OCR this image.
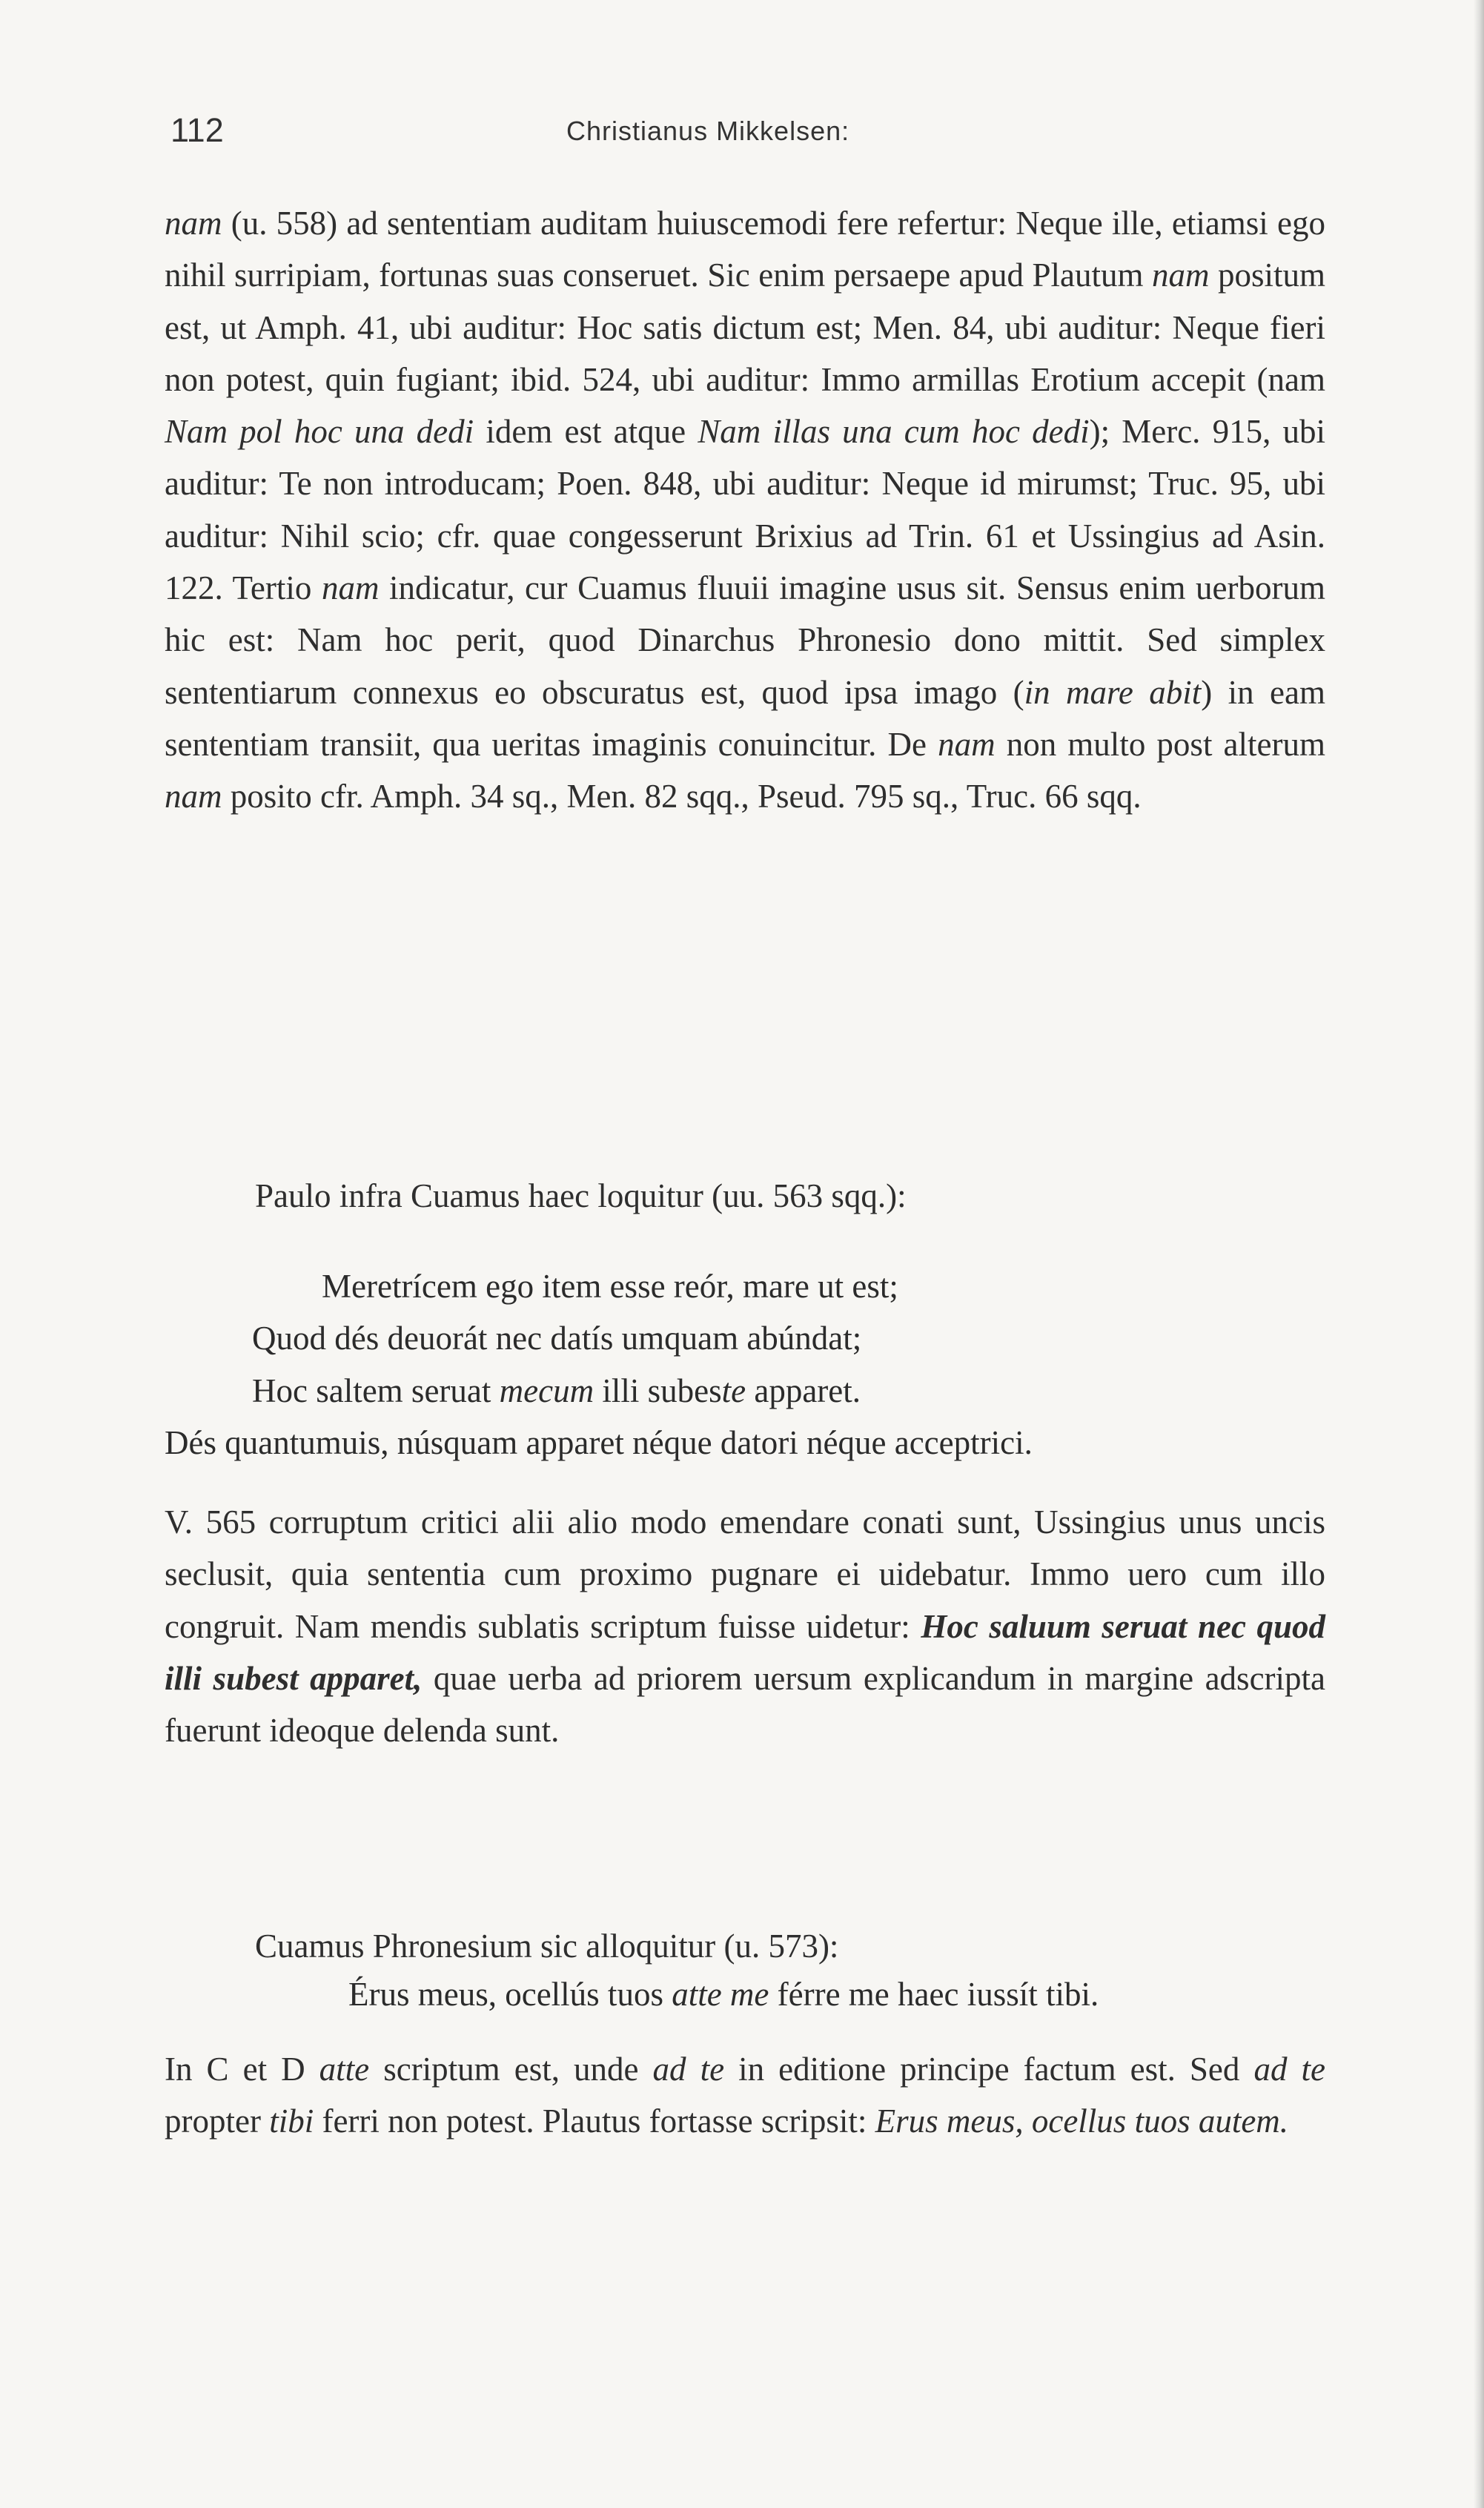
112	Christianus Mikkelsen:

nam (u. 558) ad sententiam auditam huiuscemodi fere refertur: Neque ille, etiamsi ego nihil surripiam, fortunas suas conseruet. Sic enim persaepe apud Plautum nam positum est, ut Amph. 41, ubi auditur: Hoc satis dictum est; Men. 84, ubi auditur: Neque fieri non potest, quin fugiant; ibid. 524, ubi auditur: Immo armillas Erotium accepit (nam Nam pol hoc una dedi idem est atque Nam illas una cum hoc dedi); Merc. 915, ubi auditur: Te non introducam; Poen. 848, ubi auditur: Neque id mirumst; Truc. 95, ubi auditur: Nihil scio; cfr. quae congesserunt Brixius ad Trin. 61 et Ussingius ad Asin. 122. Tertio nam indicatur, cur Cuamus fluuii imagine usus sit. Sensus enim uerborum hic est: Nam hoc perit, quod Dinarchus Phronesio dono mittit. Sed simplex sententiarum connexus eo obscuratus est, quod ipsa imago (in mare abit) in eam sententiam transiit, qua ueritas imaginis conuincitur. De nam non multo post alterum nam posito cfr. Amph. 34 sq., Men. 82 sqq., Pseud. 795 sq., Truc. 66 sqq.

Paulo infra Cuamus haec loquitur (uu. 563 sqq.):

Meretrícem ego item esse reór, mare ut est;
Quod dés deuorát nec datís umquam abúndat;
Hoc saltem seruat mecum illi subeste apparet.
Dés quantumuis, núsquam apparet néque datori néque acceptrici.

V. 565 corruptum critici alii alio modo emendare conati sunt, Ussingius unus uncis seclusit, quia sententia cum proximo pugnare ei uidebatur. Immo uero cum illo congruit. Nam mendis sublatis scriptum fuisse uidetur: Hoc saluum seruat nec quod illi subest apparet, quae uerba ad priorem uersum explicandum in margine adscripta fuerunt ideoque delenda sunt.

Cuamus Phronesium sic alloquitur (u. 573):

Érus meus, ocellús tuos atte me férre me haec iussít tibi.

In C et D atte scriptum est, unde ad te in editione principe factum est. Sed ad te propter tibi ferri non potest. Plautus fortasse scripsit: Erus meus, ocellus tuos autem.
